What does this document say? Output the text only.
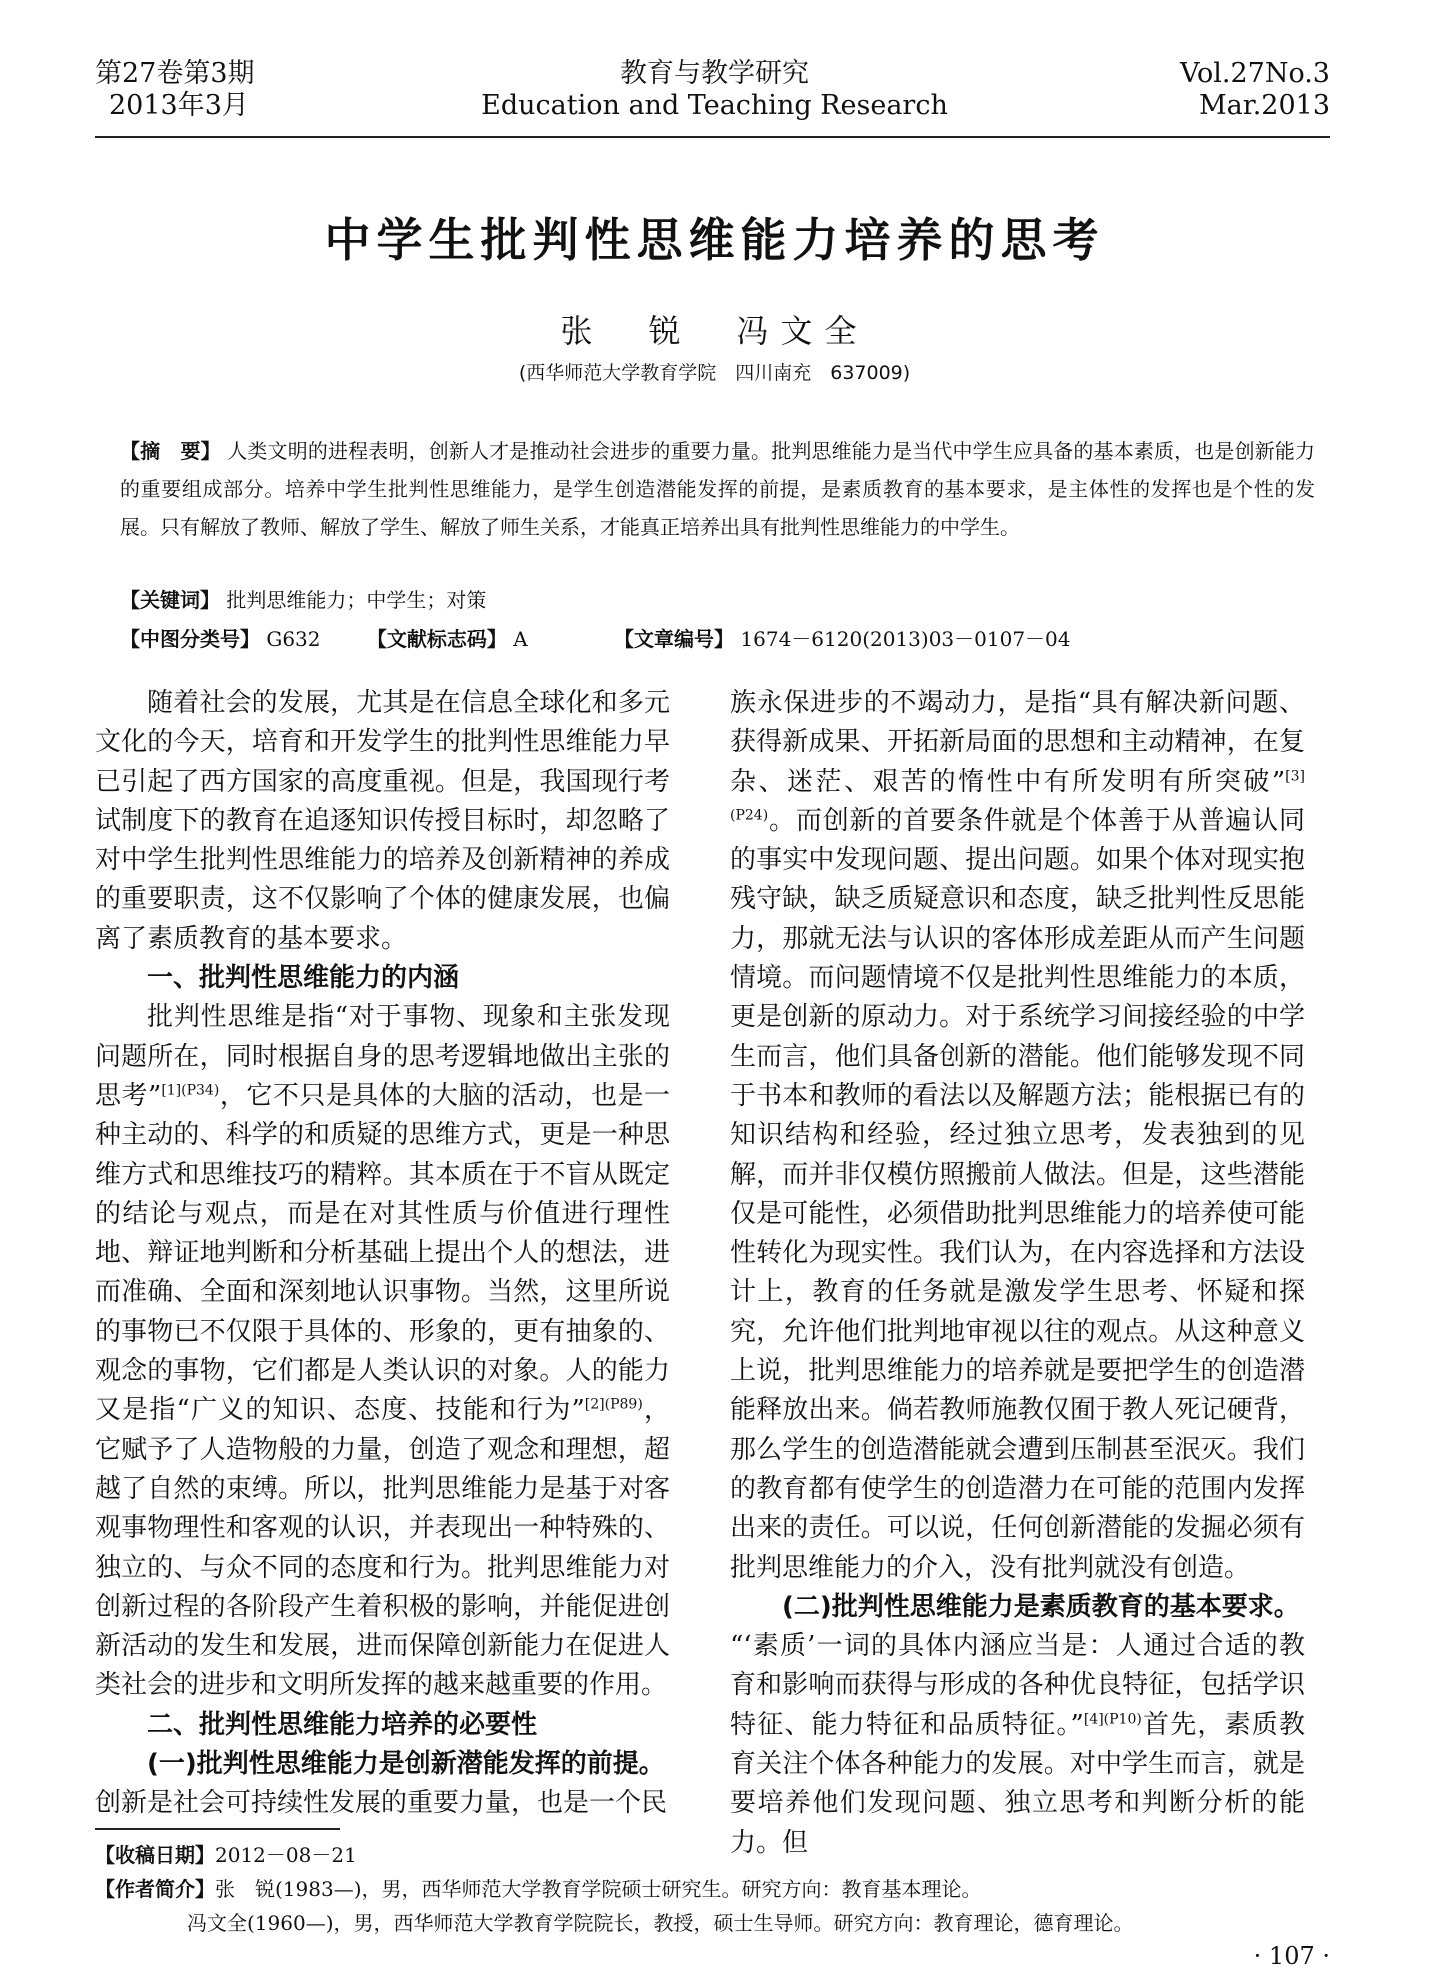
第27卷第3期
2013年3月
教育与教学研究
Education and Teaching Research
Vol.27No.3
Mar.2013
中学生批判性思维能力培养的思考
张　锐　冯文全
(西华师范大学教育学院　四川南充　637009)
【摘　要】 人类文明的进程表明，创新人才是推动社会进步的重要力量。批判思维能力是当代中学生应具备的基本素质，也是创新能力的重要组成部分。培养中学生批判性思维能力，是学生创造潜能发挥的前提，是素质教育的基本要求，是主体性的发挥也是个性的发展。只有解放了教师、解放了学生、解放了师生关系，才能真正培养出具有批判性思维能力的中学生。
【关键词】 批判思维能力；中学生；对策
【中图分类号】 G632 【文献标志码】 A	【文章编号】 1674－6120(2013)03－0107－04

随着社会的发展，尤其是在信息全球化和多元文化的今天，培育和开发学生的批判性思维能力早已引起了西方国家的高度重视。但是，我国现行考试制度下的教育在追逐知识传授目标时，却忽略了对中学生批判性思维能力的培养及创新精神的养成的重要职责，这不仅影响了个体的健康发展，也偏离了素质教育的基本要求。

一、批判性思维能力的内涵

批判性思维是指“对于事物、现象和主张发现问题所在，同时根据自身的思考逻辑地做出主张的思考”$^{[1](P34)}$，它不只是具体的大脑的活动，也是一种主动的、科学的和质疑的思维方式，更是一种思维方式和思维技巧的精粹。其本质在于不盲从既定的结论与观点，而是在对其性质与价值进行理性地、辩证地判断和分析基础上提出个人的想法，进而准确、全面和深刻地认识事物。当然，这里所说的事物已不仅限于具体的、形象的，更有抽象的、观念的事物，它们都是人类认识的对象。人的能力又是指“广义的知识、态度、技能和行为”$^{[2](P89)}$，它赋予了人造物般的力量，创造了观念和理想，超越了自然的束缚。所以，批判思维能力是基于对客观事物理性和客观的认识，并表现出一种特殊的、独立的、与众不同的态度和行为。批判思维能力对创新过程的各阶段产生着积极的影响，并能促进创新活动的发生和发展，进而保障创新能力在促进人类社会的进步和文明所发挥的越来越重要的作用。

二、批判性思维能力培养的必要性

(一)批判性思维能力是创新潜能发挥的前提。

创新是社会可持续性发展的重要力量，也是一个民

族永保进步的不竭动力，是指“具有解决新问题、获得新成果、开拓新局面的思想和主动精神，在复杂、迷茫、艰苦的惰性中有所发明有所突破”$^{[3](P24)}$。而创新的首要条件就是个体善于从普遍认同的事实中发现问题、提出问题。如果个体对现实抱残守缺，缺乏质疑意识和态度，缺乏批判性反思能力，那就无法与认识的客体形成差距从而产生问题情境。而问题情境不仅是批判性思维能力的本质，更是创新的原动力。对于系统学习间接经验的中学生而言，他们具备创新的潜能。他们能够发现不同于书本和教师的看法以及解题方法；能根据已有的知识结构和经验，经过独立思考，发表独到的见解，而并非仅模仿照搬前人做法。但是，这些潜能仅是可能性，必须借助批判思维能力的培养使可能性转化为现实性。我们认为，在内容选择和方法设计上，教育的任务就是激发学生思考、怀疑和探究，允许他们批判地审视以往的观点。从这种意义上说，批判思维能力的培养就是要把学生的创造潜能释放出来。倘若教师施教仅囿于教人死记硬背，那么学生的创造潜能就会遭到压制甚至泯灭。我们的教育都有使学生的创造潜力在可能的范围内发挥出来的责任。可以说，任何创新潜能的发掘必须有批判思维能力的介入，没有批判就没有创造。

(二)批判性思维能力是素质教育的基本要求。

“‘素质’一词的具体内涵应当是：人通过合适的教育和影响而获得与形成的各种优良特征，包括学识特征、能力特征和品质特征。”$^{[4](P10)}$首先，素质教育关注个体各种能力的发展。对中学生而言，就是要培养他们发现问题、独立思考和判断分析的能力。但

【收稿日期】2012－08－21
【作者简介】张　锐(1983—)，男，西华师范大学教育学院硕士研究生。研究方向：教育基本理论。
冯文全(1960—)，男，西华师范大学教育学院院长，教授，硕士生导师。研究方向：教育理论，德育理论。
· 107 ·
